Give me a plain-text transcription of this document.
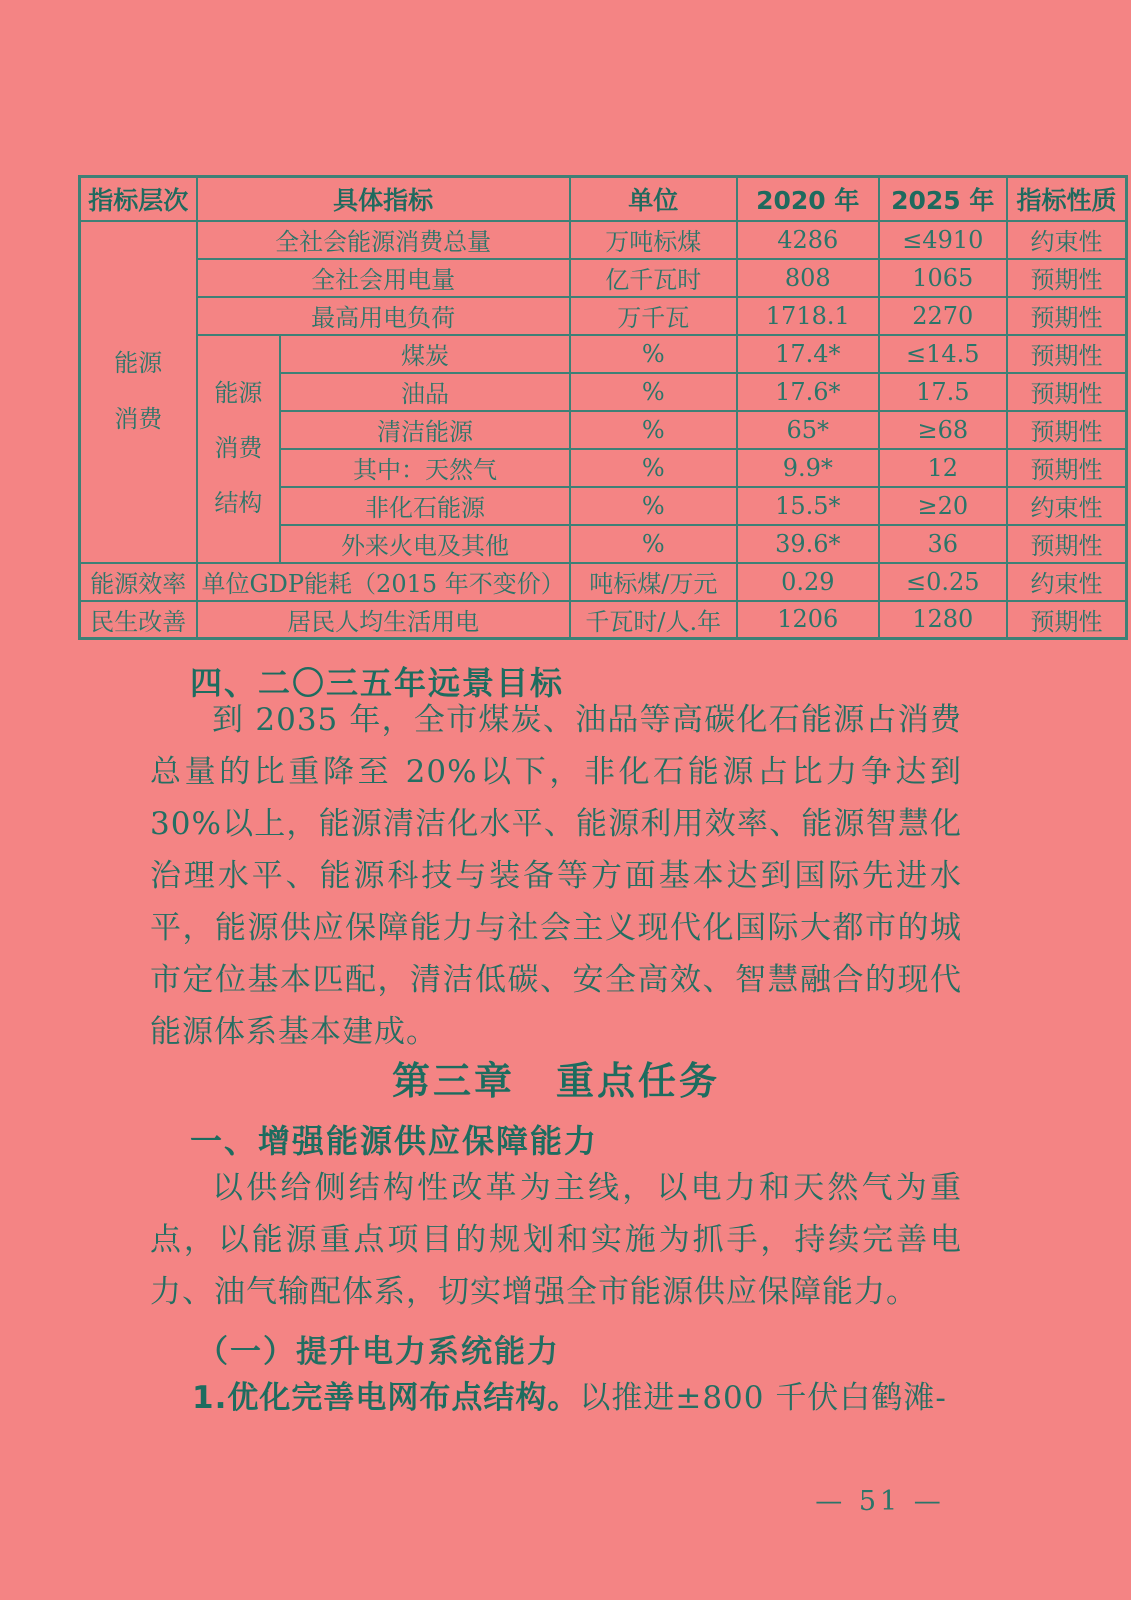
指标层次	具体指标		单位	2020 年	2025 年	指标性质
能源消费	全社会能源消费总量		万吨标煤	4286	≤4910	约束性
	全社会用电量		亿千瓦时	808	1065	预期性
	最高用电负荷		万千瓦	1718.1	2270	预期性
	能源消费结构	煤炭	%	17.4*	≤14.5	预期性
		油品	%	17.6*	17.5	预期性
		清洁能源	%	65*	≥68	预期性
		其中：天然气	%	9.9*	12	预期性
		非化石能源	%	15.5*	≥20	约束性
		外来火电及其他	%	39.6*	36	预期性
能源效率	单位GDP能耗（2015 年不变价）		吨标煤/万元	0.29	≤0.25	约束性
民生改善	居民人均生活用电		千瓦时/人.年	1206	1280	预期性
四、二〇三五年远景目标

到 2035 年，全市煤炭、油品等高碳化石能源占消费总量的比重降至 20%以下，非化石能源占比力争达到 30%以上，能源清洁化水平、能源利用效率、能源智慧化治理水平、能源科技与装备等方面基本达到国际先进水平，能源供应保障能力与社会主义现代化国际大都市的城市定位基本匹配，清洁低碳、安全高效、智慧融合的现代能源体系基本建成。

第三章　重点任务
一、增强能源供应保障能力

以供给侧结构性改革为主线，以电力和天然气为重点，以能源重点项目的规划和实施为抓手，持续完善电力、油气输配体系，切实增强全市能源供应保障能力。

（一）提升电力系统能力

1.优化完善电网布点结构。以推进±800 千伏白鹤滩-

— 51 —
